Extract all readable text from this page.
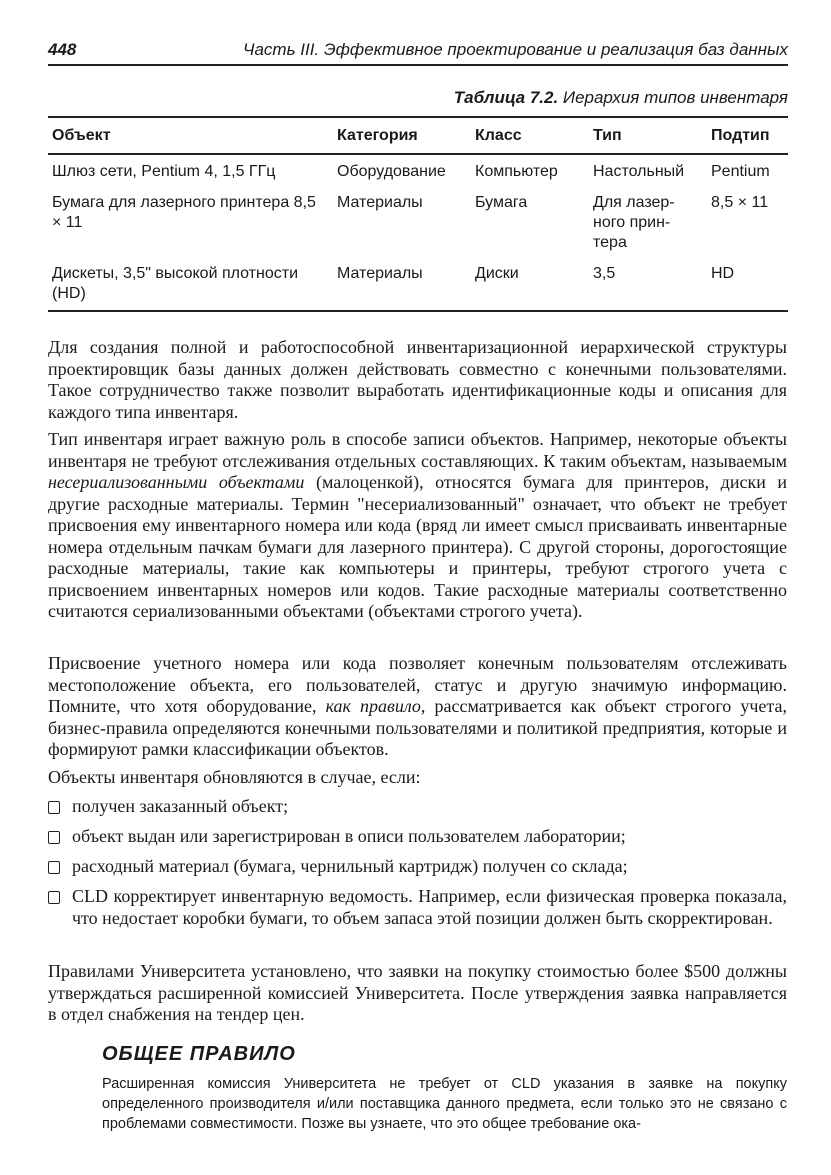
448	Часть III. Эффективное проектирование и реализация баз данных
Таблица 7.2. Иерархия типов инвентаря
Объект	Категория	Класс	Тип	Подтип
Шлюз сети, Pentium 4, 1,5 ГГц	Оборудование	Компьютер	Настольный	Pentium
Бумага для лазерного принтера 8,5 × 11	Материалы	Бумага	Для лазер-ного прин-тера	8,5 × 11
Дискеты, 3,5" высокой плотности (HD)	Материалы	Диски	3,5	HD

Для создания полной и работоспособной инвентаризационной иерархической структуры проектировщик базы данных должен действовать совместно с конечными пользователями. Такое сотрудничество также позволит выработать идентификационные коды и описания для каждого типа инвентаря.

Тип инвентаря играет важную роль в способе записи объектов. Например, некоторые объекты инвентаря не требуют отслеживания отдельных составляющих. К таким объектам, называемым несериализованными объектами (малоценкой), относятся бумага для принтеров, диски и другие расходные материалы. Термин "несериализованный" означает, что объект не требует присвоения ему инвентарного номера или кода (вряд ли имеет смысл присваивать инвентарные номера отдельным пачкам бумаги для лазерного принтера). С другой стороны, дорогостоящие расходные материалы, такие как компьютеры и принтеры, требуют строгого учета с присвоением инвентарных номеров или кодов. Такие расходные материалы соответственно считаются сериализованными объектами (объектами строгого учета).

Присвоение учетного номера или кода позволяет конечным пользователям отслеживать местоположение объекта, его пользователей, статус и другую значимую информацию. Помните, что хотя оборудование, как правило, рассматривается как объект строгого учета, бизнес-правила определяются конечными пользователями и политикой предприятия, которые и формируют рамки классификации объектов.

Объекты инвентаря обновляются в случае, если:

получен заказанный объект;
объект выдан или зарегистрирован в описи пользователем лаборатории;
расходный материал (бумага, чернильный картридж) получен со склада;
CLD корректирует инвентарную ведомость. Например, если физическая проверка показала, что недостает коробки бумаги, то объем запаса этой позиции должен быть скорректирован.

Правилами Университета установлено, что заявки на покупку стоимостью более $500 должны утверждаться расширенной комиссией Университета. После утверждения заявка направляется в отдел снабжения на тендер цен.

ОБЩЕЕ ПРАВИЛО
Расширенная комиссия Университета не требует от CLD указания в заявке на покупку определенного производителя и/или поставщика данного предмета, если только это не связано с проблемами совместимости. Позже вы узнаете, что это общее требование ока-
